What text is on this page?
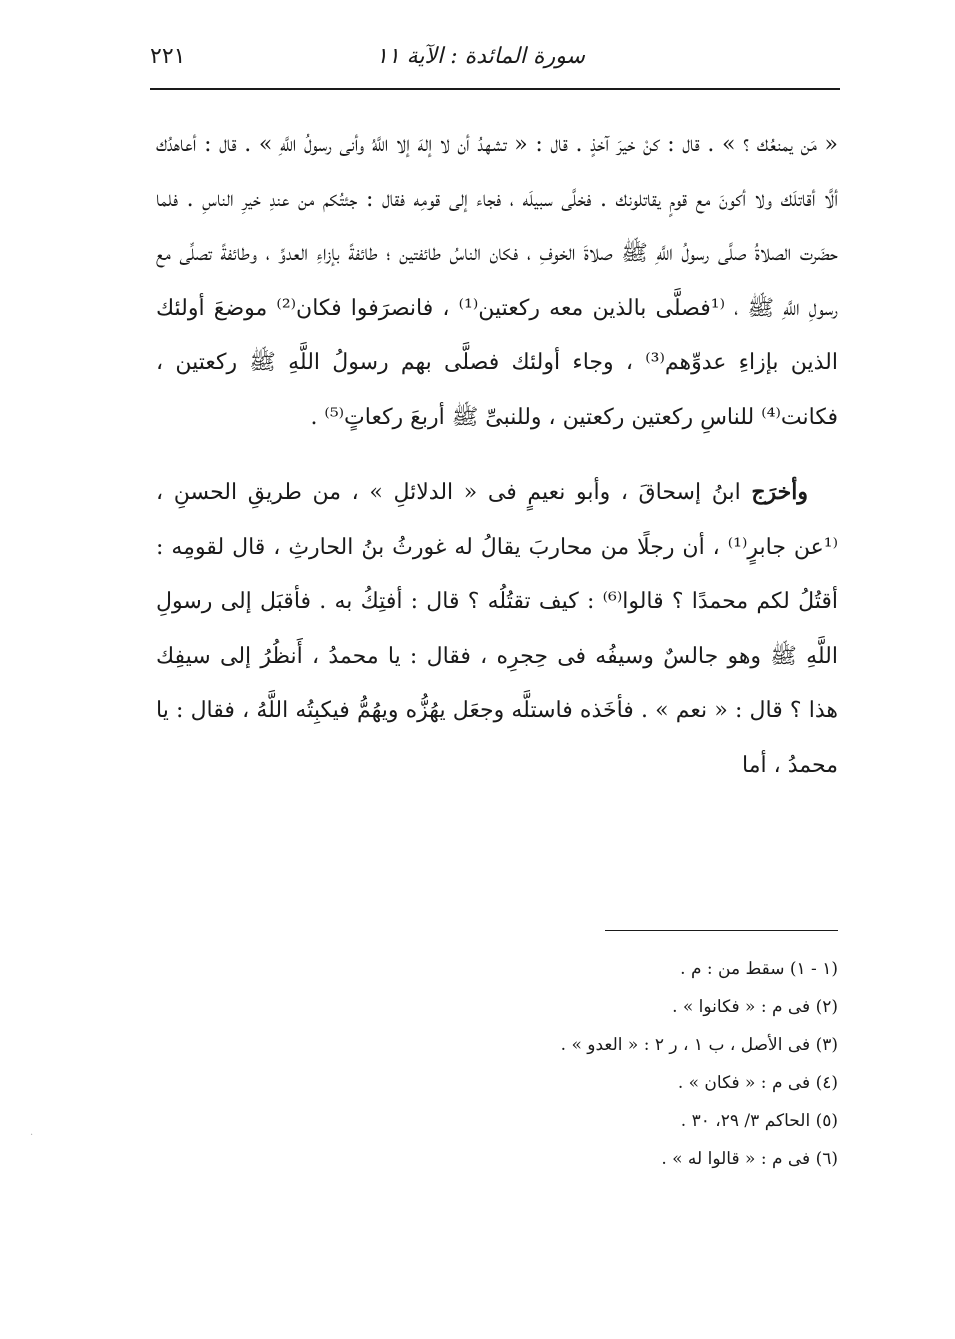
سورة المائدة : الآية ١١
٢٢١

« مَن يمنعُك ؟ » . قال : كنْ خيرَ آخذٍ . قال : « تشهدُ أن لا إلهَ إلا اللَّهُ وأنى رسولُ اللَّهِ » . قال : أعاهدُك ألَّا أقاتلَك ولا أكونَ مع قومٍ يقاتلونك . فخلَّى سبيلَه ، فجاء إلى قومِه فقال : جئتُكم من عندِ خيرِ الناسِ . فلما حضَرت الصلاةُ صلَّى رسولُ اللَّهِ ﷺ صلاةَ الخوفِ ، فكان الناسُ طائفتين ؛ طائفةً بإزاءِ العدوِّ ، وطائفةً تصلِّى مع رسولِ اللَّهِ ﷺ ، ⁽¹فصلَّى بالذين معه ركعتين⁽¹⁾ ، فانصرَفوا فكان⁽²⁾ موضعَ أولئك الذين بإزاءِ عدوِّهم⁽³⁾ ، وجاء أولئك فصلَّى بهم رسولُ اللَّهِ ﷺ ركعتين ، فكانت⁽⁴⁾ للناسِ ركعتين ركعتين ، وللنبىِّ ﷺ أربعَ ركعاتٍ⁽⁵⁾ .

وأخرَج ابنُ إسحاقَ ، وأبو نعيمٍ فى « الدلائلِ » ، من طريقِ الحسنِ ، ⁽¹عن جابرٍ⁽¹⁾ ، أن رجلًا من محاربَ يقالُ له غورثُ بنُ الحارثِ ، قال لقومِه : أقتُلُ لكم محمدًا ؟ قالوا⁽⁶⁾ : كيف تقتُلُه ؟ قال : أفتِكُ به . فأقبَل إلى رسولِ اللَّهِ ﷺ وهو جالسٌ وسيفُه فى حِجرِه ، فقال : يا محمدُ ، أَنظُرُ إلى سيفِك هذا ؟ قال : « نعم » . فأخَذه فاستلَّه وجعَل يهُزُّه ويهُمُّ فيكبِتُه اللَّهُ ، فقال : يا محمدُ ، أما

(١ - ١) سقط من : م .
(٢) فى م : « فكانوا » .
(٣) فى الأصل ، ب ١ ، ر ٢ : « العدو » .
(٤) فى م : « فكان » .
(٥) الحاكم ٣/ ٢٩، ٣٠ .
(٦) فى م : « قالوا له » .
·
